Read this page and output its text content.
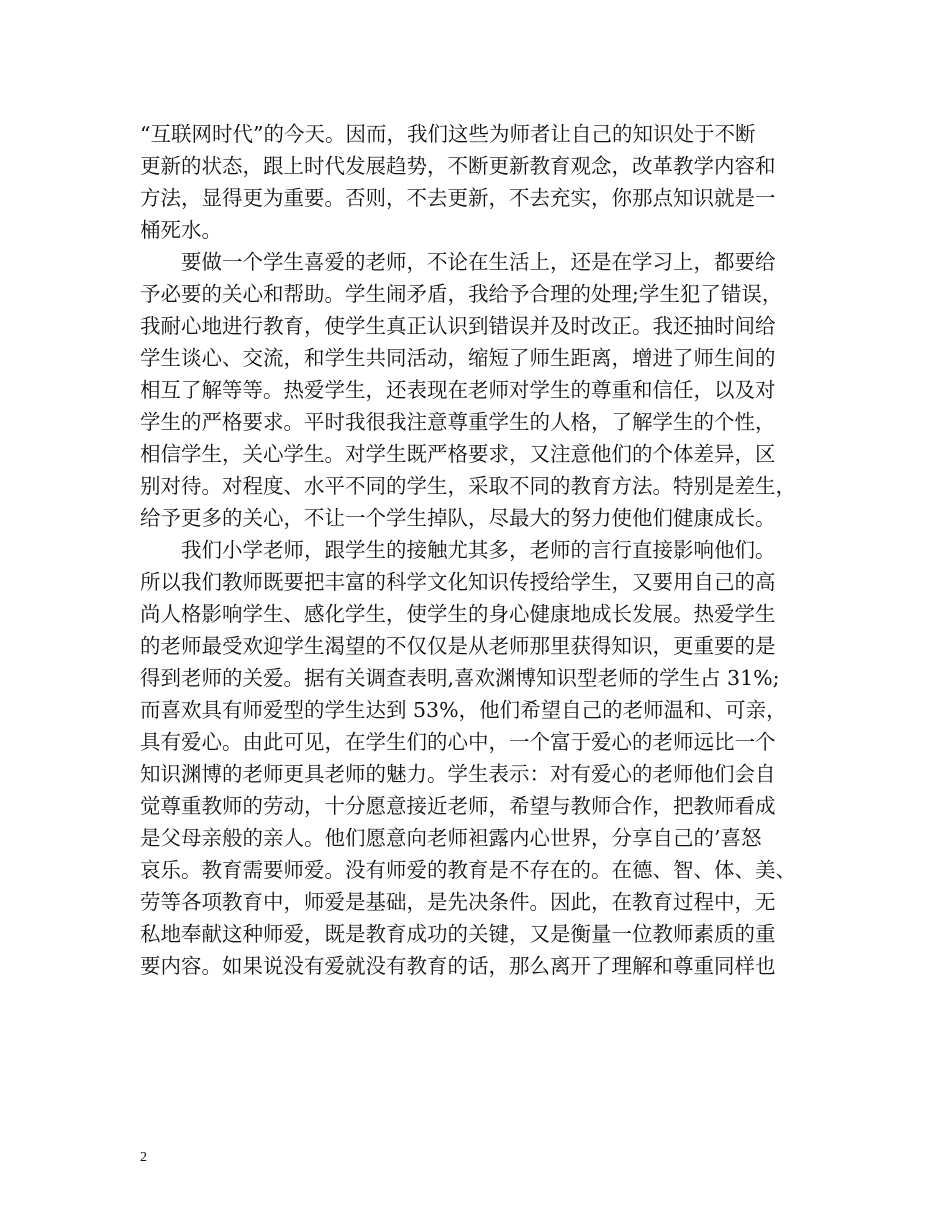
“互联网时代”的今天。因而，我们这些为师者让自己的知识处于不断
更新的状态，跟上时代发展趋势，不断更新教育观念，改革教学内容和
方法，显得更为重要。否则，不去更新，不去充实，你那点知识就是一
桶死水。
　　要做一个学生喜爱的老师，不论在生活上，还是在学习上，都要给
予必要的关心和帮助。学生闹矛盾，我给予合理的处理;学生犯了错误，
我耐心地进行教育，使学生真正认识到错误并及时改正。我还抽时间给
学生谈心、交流，和学生共同活动，缩短了师生距离，增进了师生间的
相互了解等等。热爱学生，还表现在老师对学生的尊重和信任，以及对
学生的严格要求。平时我很我注意尊重学生的人格，了解学生的个性，
相信学生，关心学生。对学生既严格要求，又注意他们的个体差异，区
别对待。对程度、水平不同的学生，采取不同的教育方法。特别是差生，
给予更多的关心，不让一个学生掉队，尽最大的努力使他们健康成长。
　　我们小学老师，跟学生的接触尤其多，老师的言行直接影响他们。
所以我们教师既要把丰富的科学文化知识传授给学生，又要用自己的高
尚人格影响学生、感化学生，使学生的身心健康地成长发展。热爱学生
的老师最受欢迎学生渴望的不仅仅是从老师那里获得知识，更重要的是
得到老师的关爱。据有关调查表明,喜欢渊博知识型老师的学生占 31%;
而喜欢具有师爱型的学生达到 53%，他们希望自己的老师温和、可亲，
具有爱心。由此可见，在学生们的心中，一个富于爱心的老师远比一个
知识渊博的老师更具老师的魅力。学生表示：对有爱心的老师他们会自
觉尊重教师的劳动，十分愿意接近老师，希望与教师合作，把教师看成
是父母亲般的亲人。他们愿意向老师袒露内心世界，分享自己的’喜怒
哀乐。教育需要师爱。没有师爱的教育是不存在的。在德、智、体、美、
劳等各项教育中，师爱是基础，是先决条件。因此，在教育过程中，无
私地奉献这种师爱，既是教育成功的关键，又是衡量一位教师素质的重
要内容。如果说没有爱就没有教育的话，那么离开了理解和尊重同样也
2
